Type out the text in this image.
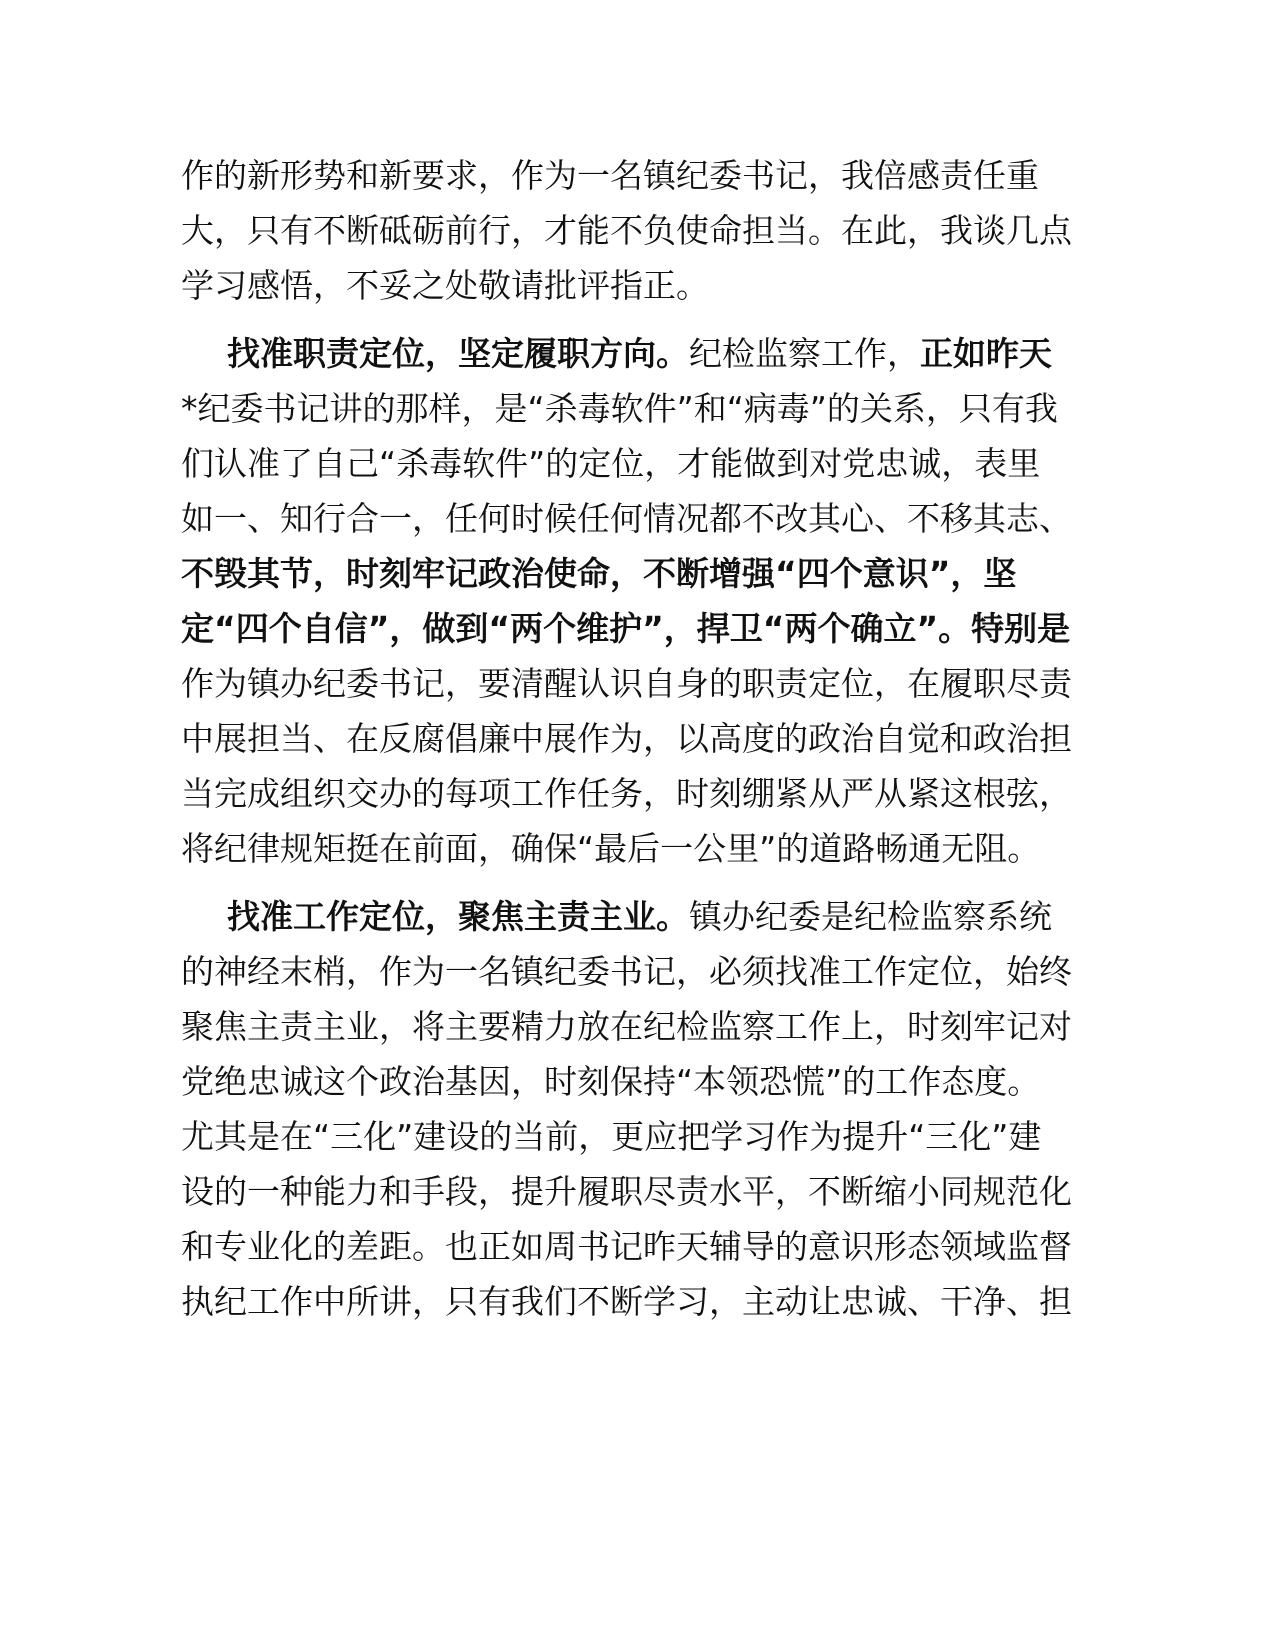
作的新形势和新要求，作为一名镇纪委书记，我倍感责任重
大，只有不断砥砺前行，才能不负使命担当。在此，我谈几点
学习感悟，不妥之处敬请批评指正。
找准职责定位，坚定履职方向。纪检监察工作，正如昨天
*纪委书记讲的那样，是“杀毒软件”和“病毒”的关系，只有我
们认准了自己“杀毒软件”的定位，才能做到对党忠诚，表里
如一、知行合一，任何时候任何情况都不改其心、不移其志、
不毁其节，时刻牢记政治使命，不断增强“四个意识”，坚
定“四个自信”，做到“两个维护”，捍卫“两个确立”。特别是
作为镇办纪委书记，要清醒认识自身的职责定位，在履职尽责
中展担当、在反腐倡廉中展作为，以高度的政治自觉和政治担
当完成组织交办的每项工作任务，时刻绷紧从严从紧这根弦，
将纪律规矩挺在前面，确保“最后一公里”的道路畅通无阻。
找准工作定位，聚焦主责主业。镇办纪委是纪检监察系统
的神经末梢，作为一名镇纪委书记，必须找准工作定位，始终
聚焦主责主业，将主要精力放在纪检监察工作上，时刻牢记对
党绝忠诚这个政治基因，时刻保持“本领恐慌”的工作态度。
尤其是在“三化”建设的当前，更应把学习作为提升“三化”建
设的一种能力和手段，提升履职尽责水平，不断缩小同规范化
和专业化的差距。也正如周书记昨天辅导的意识形态领域监督
执纪工作中所讲，只有我们不断学习，主动让忠诚、干净、担
